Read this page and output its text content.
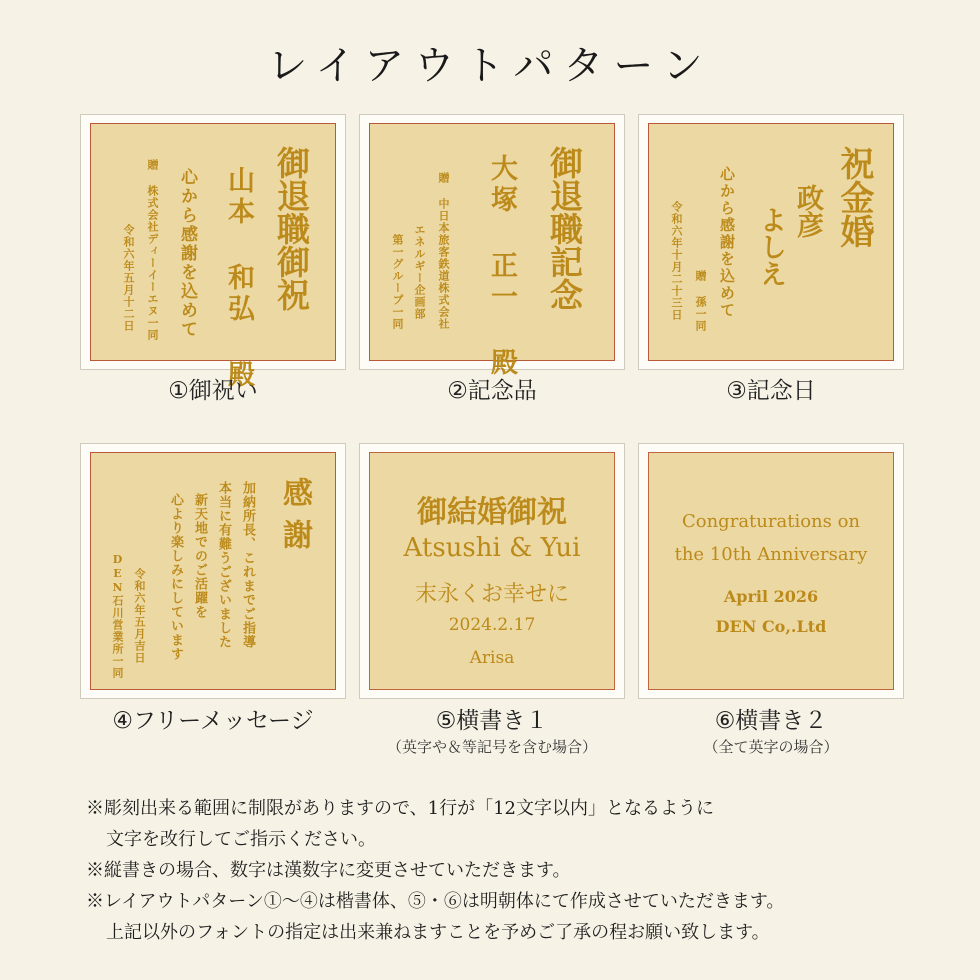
レイアウトパターン
御退職御祝
山本 和弘 殿
心から感謝を込めて
贈 株式会社ディーイーエヌ一同
令和六年五月十二日	御退職記念
大塚 正一 殿
贈 中日本旅客鉄道株式会社
エネルギー企画部
第一グループ一同
祝金婚
政彦
よしえ
心から感謝を込めて
贈 孫一同
令和六年十月二十三日
①御祝い	②記念品	③記念日
感謝
加納所長、これまでご指導
本当に有難うございました
新天地でのご活躍を
心より楽しみにしています
令和六年五月吉日
DEN石川営業所一同
御結婚御祝
Atsushi & Yui
末永くお幸せに
2024.2.17
Arisa
Congraturations on
the 10th Anniversary
April 2026
DEN Co,.Ltd
④フリーメッセージ	⑤横書き１	⑥横書き２
（英字や＆等記号を含む場合）	（全て英字の場合）
※彫刻出来る範囲に制限がありますので、1行が「12文字以内」となるように
文字を改行してご指示ください。
※縦書きの場合、数字は漢数字に変更させていただきます。
※レイアウトパターン①〜④は楷書体、⑤・⑥は明朝体にて作成させていただきます。
上記以外のフォントの指定は出来兼ねますことを予めご了承の程お願い致します。
